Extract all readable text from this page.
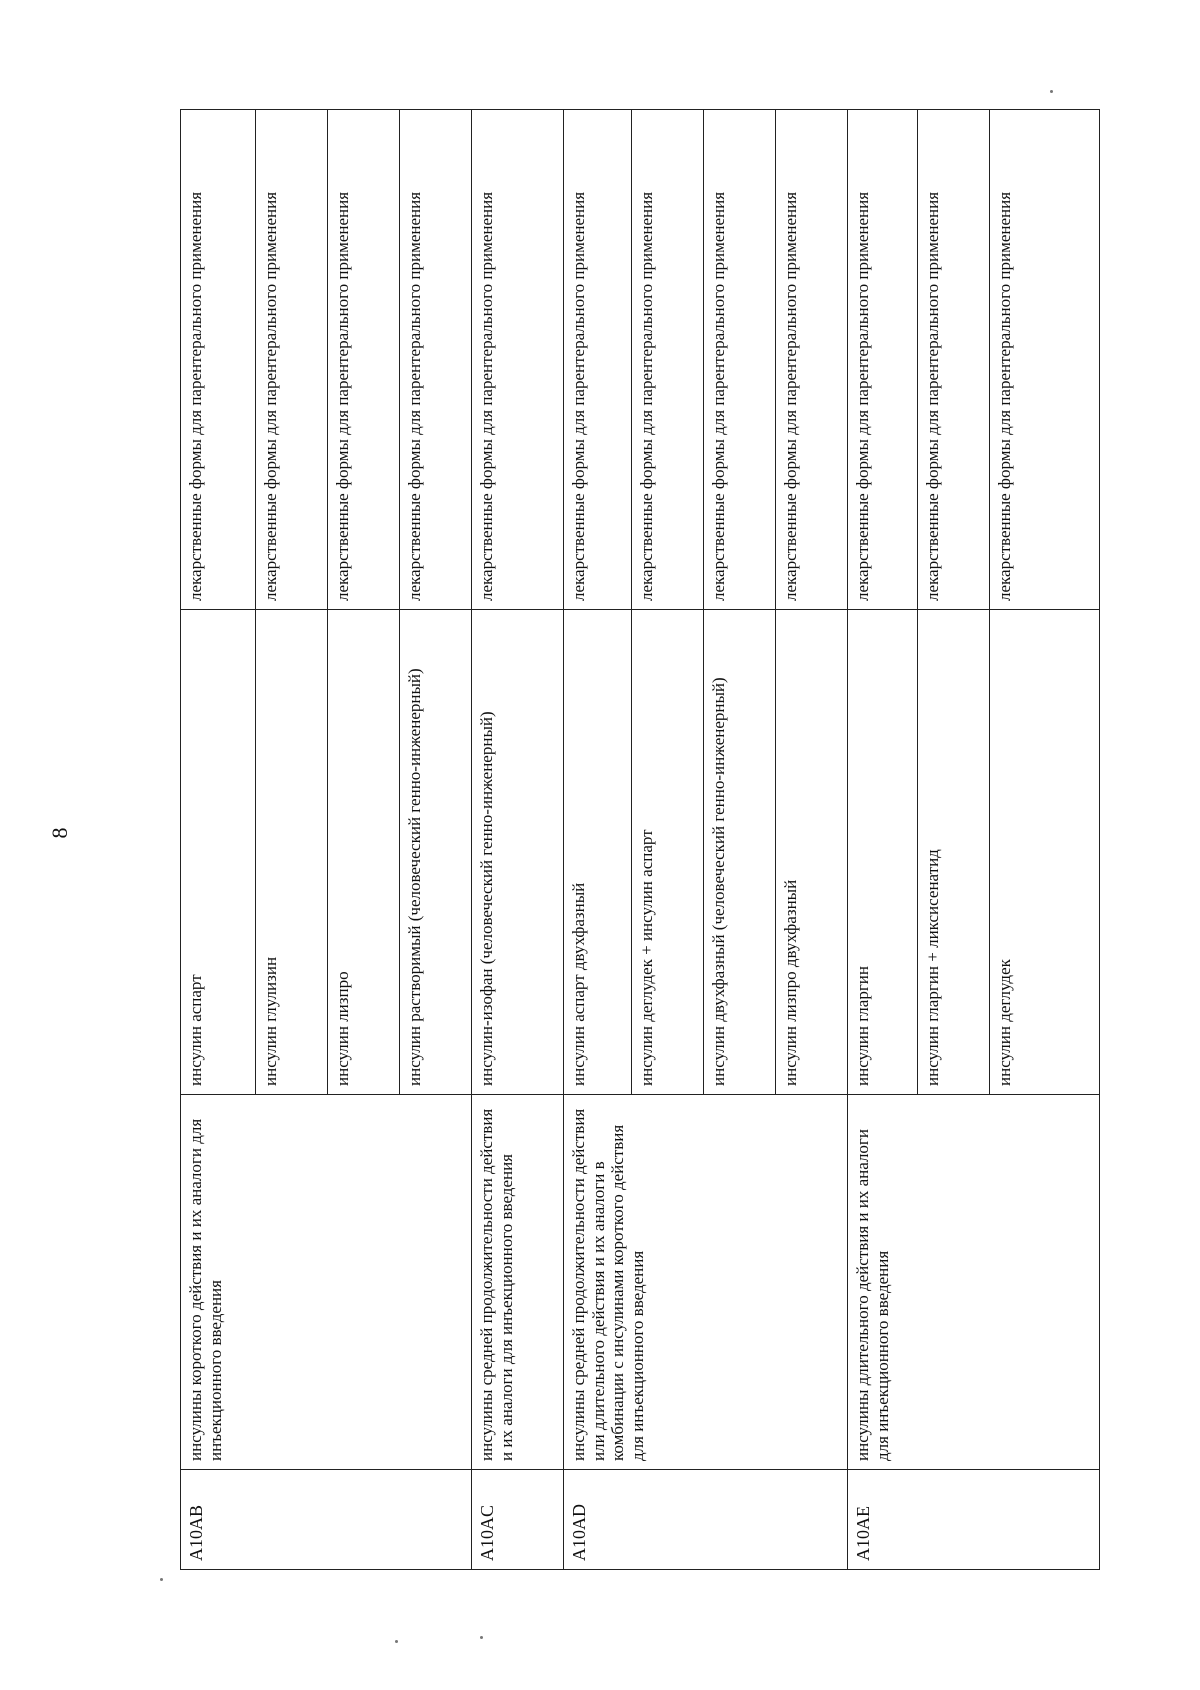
8
A10AB	инсулины короткого действия и их аналоги для инъекционного введения	инсулин аспарт	лекарственные формы для парентерального применения
		инсулин глулизин	лекарственные формы для парентерального применения
		инсулин лизпро	лекарственные формы для парентерального применения
		инсулин растворимый (человеческий генно-инженерный)	лекарственные формы для парентерального применения
A10AC	инсулины средней продолжительности действия и их аналоги для инъекционного введения	инсулин-изофан (человеческий генно-инженерный)	лекарственные формы для парентерального применения
A10AD	инсулины средней продолжительности действия или длительного действия и их аналоги в комбинации с инсулинами короткого действия для инъекционного введения	инсулин аспарт двухфазный	лекарственные формы для парентерального применения
		инсулин деглудек + инсулин аспарт	лекарственные формы для парентерального применения
		инсулин двухфазный (человеческий генно-инженерный)	лекарственные формы для парентерального применения
		инсулин лизпро двухфазный	лекарственные формы для парентерального применения
A10AE	инсулины длительного действия и их аналоги для инъекционного введения	инсулин гларгин	лекарственные формы для парентерального применения
		инсулин гларгин + ликсисенатид	лекарственные формы для парентерального применения
		инсулин деглудек	лекарственные формы для парентерального применения
